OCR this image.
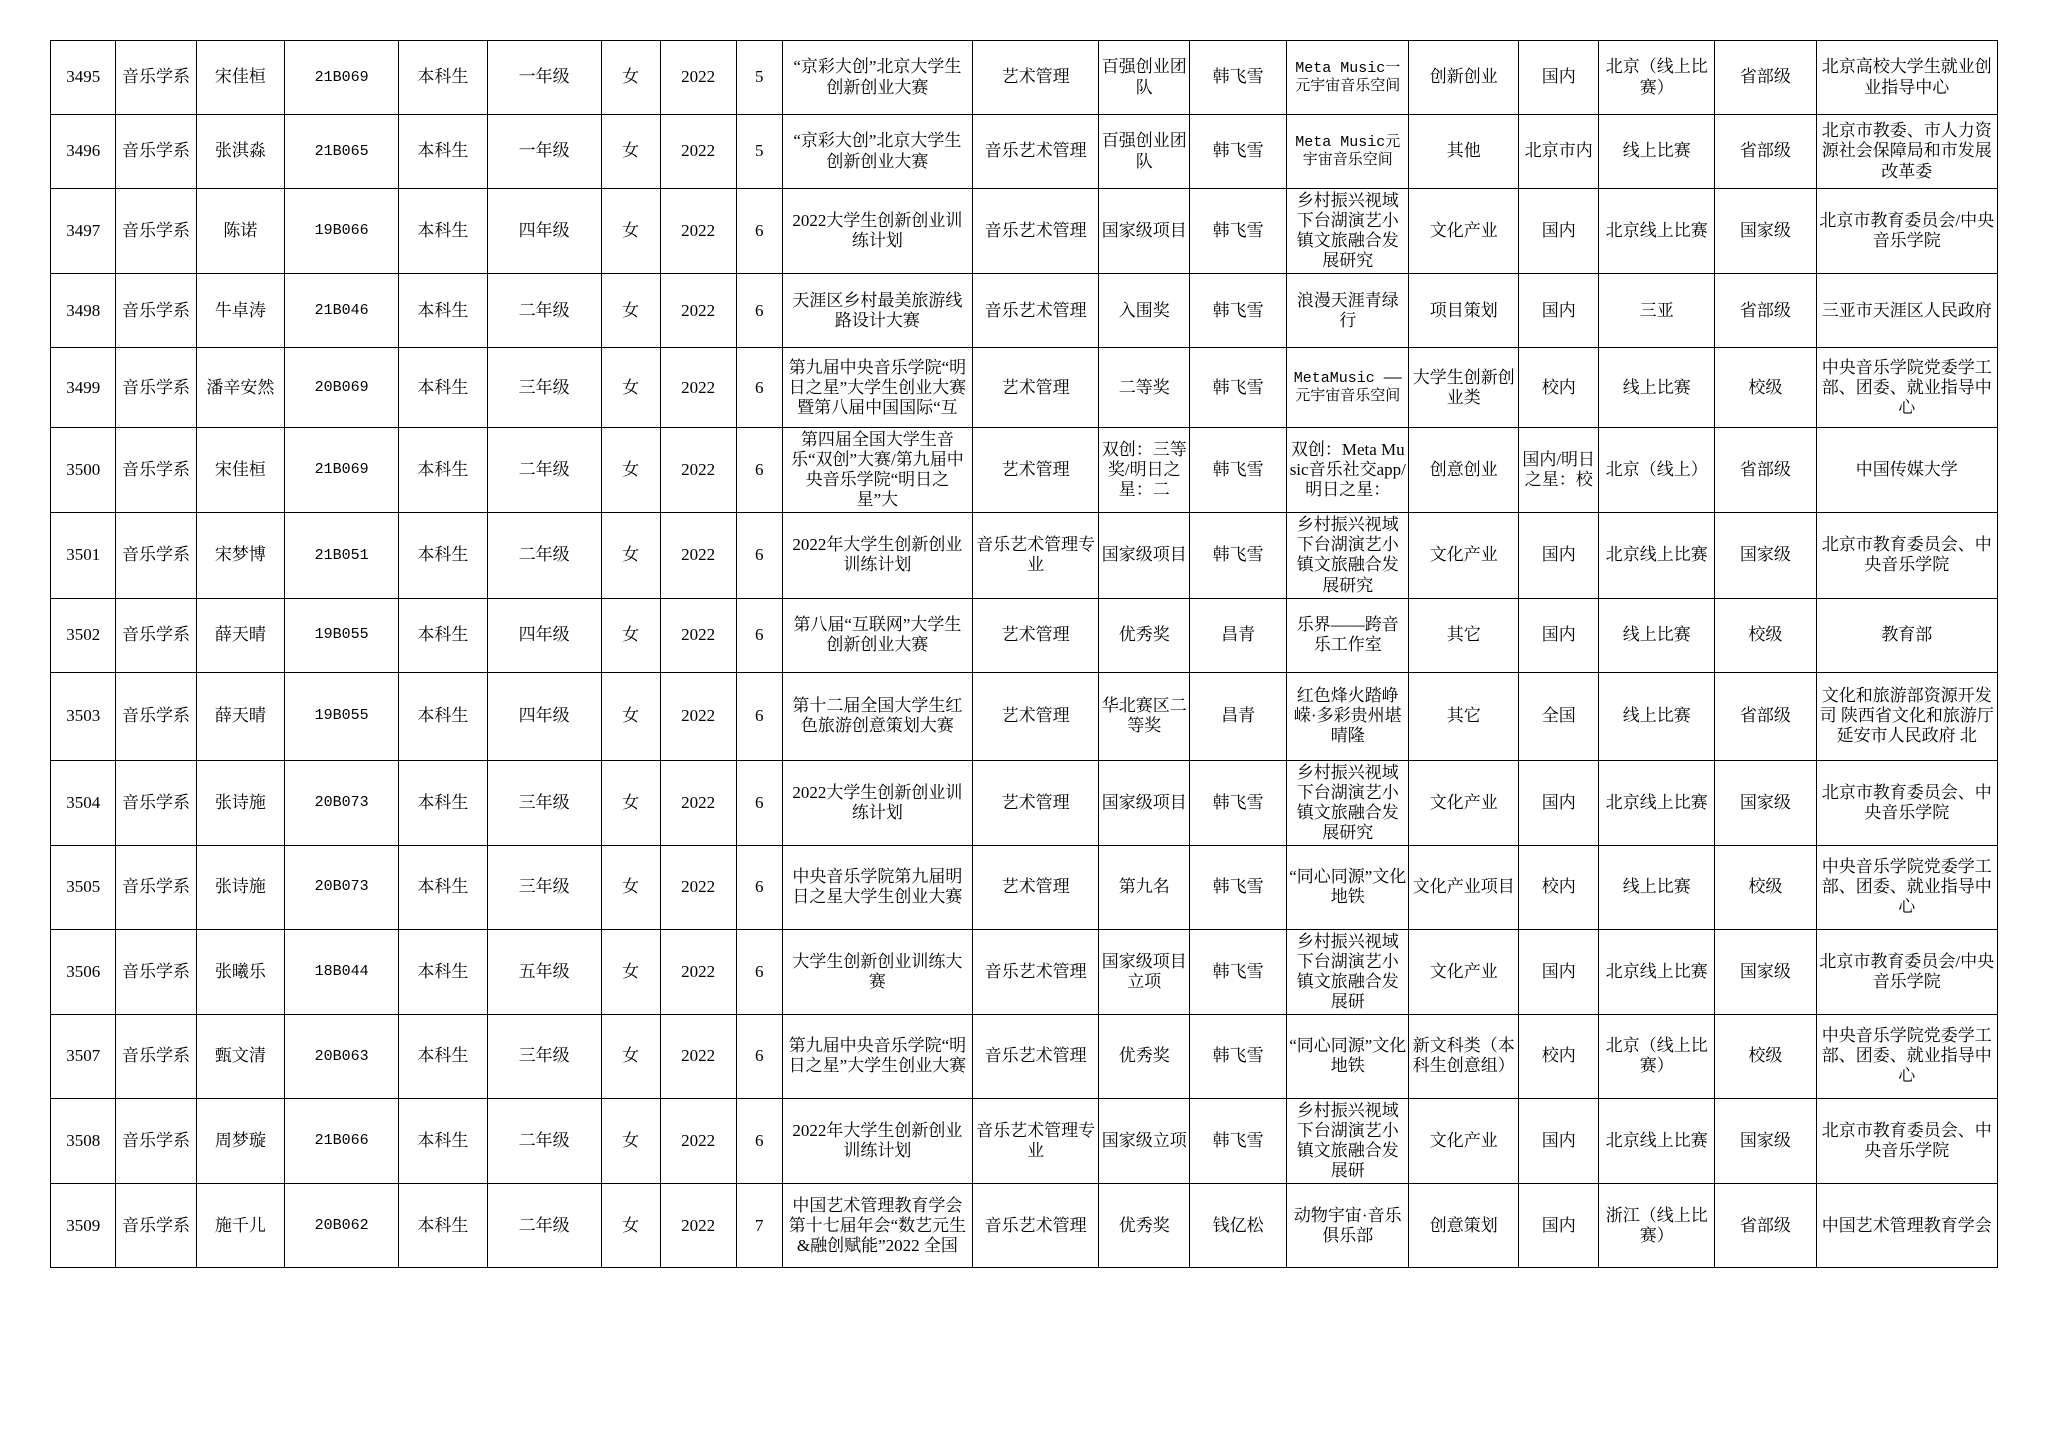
3495	音乐学系	宋佳桓	21B069	本科生	一年级	女	2022	5	“京彩大创”北京大学生创新创业大赛	艺术管理	百强创业团队	韩飞雪	Meta Music一元宇宙音乐空间	创新创业	国内	北京（线上比赛）	省部级	北京高校大学生就业创业指导中心

3496	音乐学系	张淇淼	21B065	本科生	一年级	女	2022	5	“京彩大创”北京大学生创新创业大赛	音乐艺术管理	百强创业团队	韩飞雪	Meta Music元宇宙音乐空间	其他	北京市内	线上比赛	省部级	北京市教委、市人力资源社会保障局和市发展改革委

3497	音乐学系	陈诺	19B066	本科生	四年级	女	2022	6	2022大学生创新创业训练计划	音乐艺术管理	国家级项目	韩飞雪	乡村振兴视域下台湖演艺小镇文旅融合发展研究	文化产业	国内	北京线上比赛	国家级	北京市教育委员会/中央音乐学院

3498	音乐学系	牛卓涛	21B046	本科生	二年级	女	2022	6	天涯区乡村最美旅游线路设计大赛	音乐艺术管理	入围奖	韩飞雪	浪漫天涯青绿行	项目策划	国内	三亚	省部级	三亚市天涯区人民政府

3499	音乐学系	潘辛安然	20B069	本科生	三年级	女	2022	6	第九届中央音乐学院“明日之星”大学生创业大赛暨第八届中国国际“互	艺术管理	二等奖	韩飞雪	MetaMusic —— 元宇宙音乐空间	大学生创新创业类	校内	线上比赛	校级	中央音乐学院党委学工部、团委、就业指导中心

3500	音乐学系	宋佳桓	21B069	本科生	二年级	女	2022	6	第四届全国大学生音乐“双创”大赛/第九届中央音乐学院“明日之星”大	艺术管理	双创：三等奖/明日之星：二	韩飞雪	双创：Meta Music音乐社交app/明日之星：	创意创业	国内/明日之星：校	北京（线上）	省部级	中国传媒大学

3501	音乐学系	宋梦博	21B051	本科生	二年级	女	2022	6	2022年大学生创新创业训练计划	音乐艺术管理专业	国家级项目	韩飞雪	乡村振兴视域下台湖演艺小镇文旅融合发展研究	文化产业	国内	北京线上比赛	国家级	北京市教育委员会、中央音乐学院

3502	音乐学系	薛天晴	19B055	本科生	四年级	女	2022	6	第八届“互联网”大学生创新创业大赛	艺术管理	优秀奖	昌青	乐界——跨音乐工作室	其它	国内	线上比赛	校级	教育部

3503	音乐学系	薛天晴	19B055	本科生	四年级	女	2022	6	第十二届全国大学生红色旅游创意策划大赛	艺术管理	华北赛区二等奖	昌青	红色烽火踏峥嵘·多彩贵州堪晴隆	其它	全国	线上比赛	省部级	文化和旅游部资源开发司 陕西省文化和旅游厅 延安市人民政府 北

3504	音乐学系	张诗施	20B073	本科生	三年级	女	2022	6	2022大学生创新创业训练计划	艺术管理	国家级项目	韩飞雪	乡村振兴视域下台湖演艺小镇文旅融合发展研究	文化产业	国内	北京线上比赛	国家级	北京市教育委员会、中央音乐学院

3505	音乐学系	张诗施	20B073	本科生	三年级	女	2022	6	中央音乐学院第九届明日之星大学生创业大赛	艺术管理	第九名	韩飞雪	“同心同源”文化地铁	文化产业项目	校内	线上比赛	校级	中央音乐学院党委学工部、团委、就业指导中心

3506	音乐学系	张曦乐	18B044	本科生	五年级	女	2022	6	大学生创新创业训练大赛	音乐艺术管理	国家级项目立项	韩飞雪	乡村振兴视域下台湖演艺小镇文旅融合发展研	文化产业	国内	北京线上比赛	国家级	北京市教育委员会/中央音乐学院

3507	音乐学系	甄文清	20B063	本科生	三年级	女	2022	6	第九届中央音乐学院“明日之星”大学生创业大赛	音乐艺术管理	优秀奖	韩飞雪	“同心同源”文化地铁	新文科类（本科生创意组）	校内	北京（线上比赛）	校级	中央音乐学院党委学工部、团委、就业指导中心

3508	音乐学系	周梦璇	21B066	本科生	二年级	女	2022	6	2022年大学生创新创业训练计划	音乐艺术管理专业	国家级立项	韩飞雪	乡村振兴视域下台湖演艺小镇文旅融合发展研	文化产业	国内	北京线上比赛	国家级	北京市教育委员会、中央音乐学院

3509	音乐学系	施千儿	20B062	本科生	二年级	女	2022	7	中国艺术管理教育学会第十七届年会“数艺元生 &融创赋能”2022 全国	音乐艺术管理	优秀奖	钱亿松	动物宇宙·音乐俱乐部	创意策划	国内	浙江（线上比赛）	省部级	中国艺术管理教育学会
